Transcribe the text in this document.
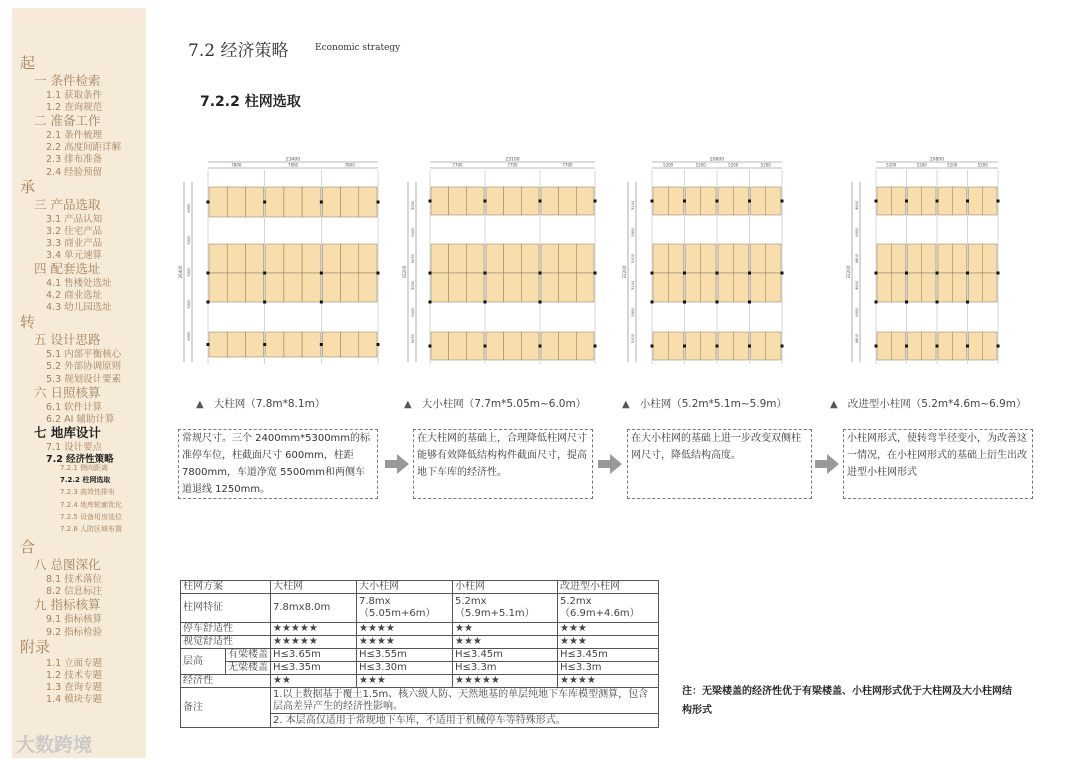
起
一 条件检索
1.1 获取条件
1.2 查询规范
二 准备工作
2.1 条件梳理
2.2 高度间距详解
2.3 排布准备
2.4 经验预留
承
三 产品选取
3.1 产品认知
3.2 住宅产品
3.3 商业产品
3.4 单元速算
四 配套选址
4.1 售楼处选址
4.2 商业选址
4.3 幼儿园选址
转
五 设计思路
5.1 内部平衡核心
5.2 外部协调原则
5.3 规划设计要素
六 日照核算
6.1 软件计算
6.2 AI 辅助计算
七 地库设计
7.1 设计要点
7.2 经济性策略
7.2.1 侧向距离
7.2.2 柱网选取
7.2.3 高效性排布
7.2.4 地库轮廓优化
7.2.5 设备用房选位
7.2.6 人防区域布置
合
八 总图深化
8.1 技术落位
8.2 信息标注
九 指标核算
9.1 指标核算
9.2 指标检验
附录
1.1 立面专题
1.2 技术专题
1.3 查询专题
1.4 模块专题
7.2 经济策略	Economic strategy
7.2.2 柱网选取
23400
7800	7800	7800
26400
4950
5500
5500
5500
4950
23100
7700	7700	7700
32200
5050
6000
5050
5050
6000
5050
20800
5200	5200	5200	5200
32200
5100
5900
5100
5100
5900
5100
20800
5200	5200	5200	5200
32200
4600
6900
4600
4600
6900
4600
▲ 大柱网（7.8m*8.1m）	▲ 大小柱网（7.7m*5.05m~6.0m）	▲ 小柱网（5.2m*5.1m~5.9m）	▲ 改进型小柱网（5.2m*4.6m~6.9m）
常规尺寸。三个 2400mm*5300mm的标准停车位，柱截面尺寸 600mm，柱距 7800mm，车道净宽 5500mm和两侧车道退线 1250mm。
在大柱网的基础上，合理降低柱网尺寸能够有效降低结构构件截面尺寸，提高地下车库的经济性。
在大小柱网的基础上进一步改变双侧柱网尺寸，降低结构高度。
小柱网形式，使转弯半径变小，为改善这一情况，在小柱网形式的基础上衍生出改进型小柱网形式
柱网方案		大柱网	大小柱网	小柱网	改进型小柱网
柱网特征		7.8mx8.0m	7.8mx（5.05m+6m）	5.2mx（5.9m+5.1m）	5.2mx（6.9m+4.6m）
停车舒适性		★★★★★	★★★★	★★	★★★
视觉舒适性		★★★★★	★★★★	★★★	★★★
层高	有梁楼盖	H≤3.65m	H≤3.55m	H≤3.45m	H≤3.45m
	无梁楼盖	H≤3.35m	H≤3.30m	H≤3.3m	H≤3.3m
经济性		★★	★★★	★★★★★	★★★★
备注		1.以上数据基于覆土1.5m、核六级人防、天然地基的单层纯地下车库模型测算，包含层高差异产生的经济性影响。			
		2. 本层高仅适用于常规地下车库，不适用于机械停车等特殊形式。			
注：无梁楼盖的经济性优于有梁楼盖、小柱网形式优于大柱网及大小柱网结构形式
大数跨境
